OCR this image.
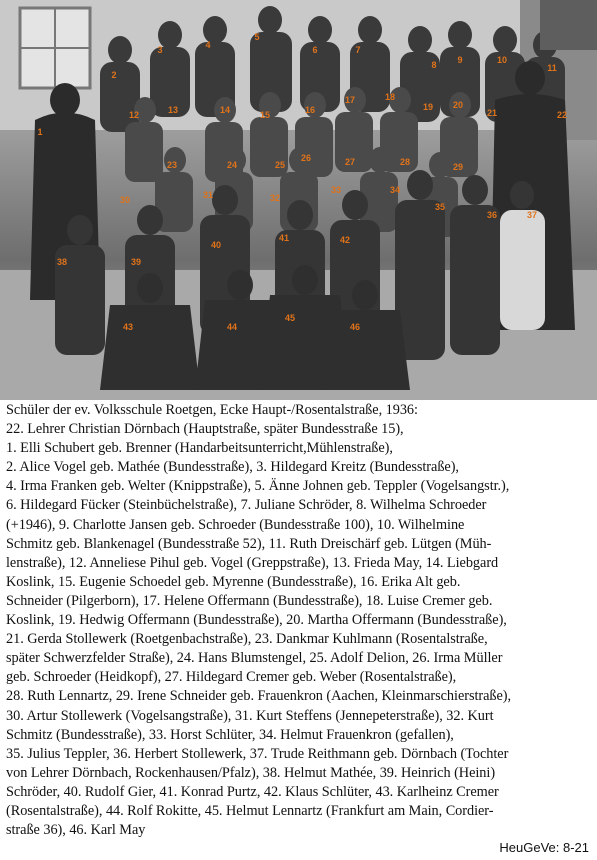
1
2
3	4
5
6	7
8 9	10
11
12	13	14	15	16
17	18
19 20
21	22
23	24	25
26	27	28	29
30	31	32
33	34
35
36	37
38	39
40
41	42
43	44
45
46

Schüler der ev. Volksschule Roetgen, Ecke Haupt-/Rosentalstraße, 1936:

22. Lehrer Christian Dörnbach (Hauptstraße, später Bundesstraße 15),

1. Elli Schubert geb. Brenner (Handarbeitsunterricht,Mühlenstraße),

2. Alice Vogel geb. Mathée (Bundesstraße), 3. Hildegard Kreitz (Bundesstraße),

4. Irma Franken geb. Welter (Knippstraße), 5. Änne Johnen geb. Teppler (Vogelsangstr.),

6. Hildegard Fücker (Steinbüchelstraße), 7. Juliane Schröder, 8. Wilhelma Schroeder

(+1946), 9. Charlotte Jansen geb. Schroeder (Bundesstraße 100), 10. Wilhelmine

Schmitz geb. Blankenagel (Bundesstraße 52), 11. Ruth Dreischärf geb. Lütgen (Müh-

lenstraße), 12. Anneliese Pihul geb. Vogel (Greppstraße), 13. Frieda May, 14. Liebgard

Koslink, 15. Eugenie Schoedel geb. Myrenne (Bundesstraße), 16. Erika Alt geb.

Schneider (Pilgerborn), 17. Helene Offermann (Bundesstraße), 18. Luise Cremer geb.

Koslink, 19. Hedwig Offermann (Bundesstraße), 20. Martha Offermann (Bundesstraße),

21. Gerda Stollewerk (Roetgenbachstraße), 23. Dankmar Kuhlmann (Rosentalstraße,

später Schwerzfelder Straße), 24. Hans Blumstengel, 25. Adolf Delion, 26. Irma Müller

geb. Schroeder (Heidkopf), 27. Hildegard Cremer geb. Weber (Rosentalstraße),

28. Ruth Lennartz, 29. Irene Schneider geb. Frauenkron (Aachen, Kleinmarschierstraße),

30. Artur Stollewerk (Vogelsangstraße), 31. Kurt Steffens (Jennepeterstraße), 32. Kurt

Schmitz (Bundesstraße), 33. Horst Schlüter, 34. Helmut Frauenkron (gefallen),

35. Julius Teppler, 36. Herbert Stollewerk, 37. Trude Reithmann geb. Dörnbach (Tochter

von Lehrer Dörnbach, Rockenhausen/Pfalz), 38. Helmut Mathée, 39. Heinrich (Heini)

Schröder, 40. Rudolf Gier, 41. Konrad Purtz, 42. Klaus Schlüter, 43. Karlheinz Cremer

(Rosentalstraße), 44. Rolf Rokitte, 45. Helmut Lennartz (Frankfurt am Main, Cordier-

straße 36), 46. Karl May

HeuGeVe: 8-21
